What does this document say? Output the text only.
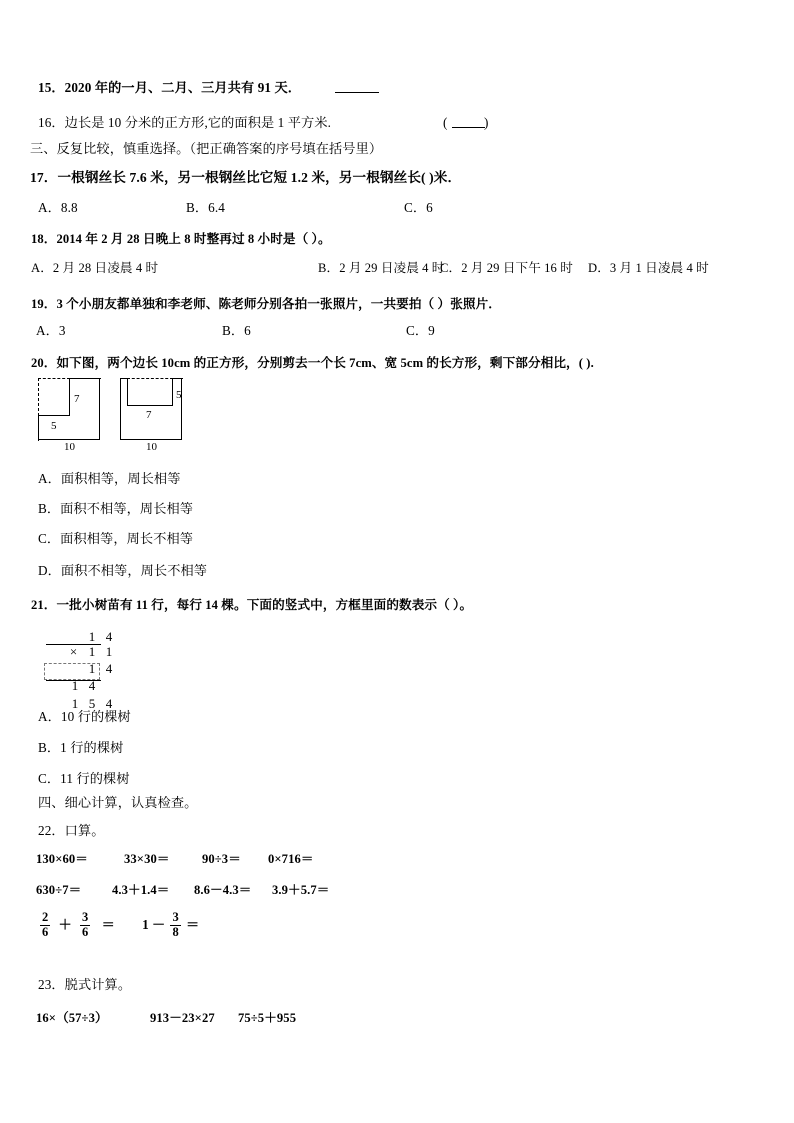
15．2020 年的一月、二月、三月共有 91 天．
16．边长是 10 分米的正方形,它的面积是 1 平方米.	(	)
三、反复比较，慎重选择。（把正确答案的序号填在括号里）
17．一根钢丝长 7.6 米，另一根钢丝比它短 1.2 米，另一根钢丝长( )米．
A．8.8	B．6.4	C．6
18．2014 年 2 月 28 日晚上 8 时整再过 8 小时是（ ）。
A．2 月 28 日凌晨 4 时	B．2 月 29 日凌晨 4 时
C．2 月 29 日下午 16 时 D．3 月 1 日凌晨 4 时
19．3 个小朋友都单独和李老师、陈老师分别各拍一张照片，一共要拍（ ）张照片．
A．3	B．6	C．9
20．如下图，两个边长 10cm 的正方形，分别剪去一个长 7cm、宽 5cm 的长方形，剩下部分相比，( ).
7
5
10
5
7
10
A．面积相等，周长相等
B．面积不相等，周长相等
C．面积相等，周长不相等
D．面积不相等，周长不相等
21．一批小树苗有 11 行，每行 14 棵。下面的竖式中，方框里面的数表示（ ）。

1 4

× 1 1

1 4

1 4

1 5 4

A．10 行的棵树
B．1 行的棵树
C．11 行的棵树
四、细心计算，认真检查。
22．口算。
130×60＝	33×30＝	90÷3＝ 0×716＝
630÷7＝ 4.3＋1.4＝ 8.6－4.3＝ 3.9＋5.7＝
$\frac{2}{6} + \frac{3}{6} = 1 - \frac{3}{8}$ ＝
23．脱式计算。
16×（57÷3）	913－23×27 75÷5＋955
